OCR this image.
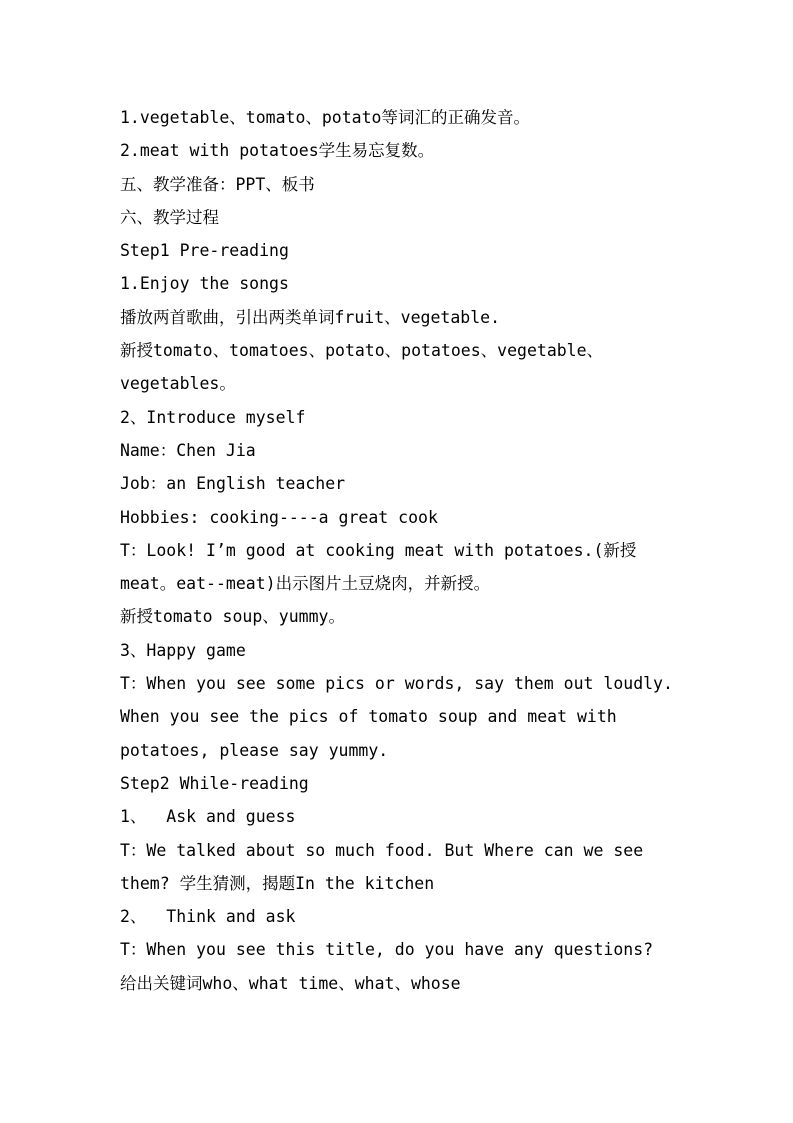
1.vegetable、tomato、potato等词汇的正确发音。
2.meat with potatoes学生易忘复数。
五、教学准备：PPT、板书
六、教学过程
Step1 Pre-reading
1.Enjoy the songs
播放两首歌曲，引出两类单词fruit、vegetable.
新授tomato、tomatoes、potato、potatoes、vegetable、
vegetables。
2、Introduce myself
Name：Chen Jia
Job：an English teacher
Hobbies: cooking----a great cook
T：Look! I’m good at cooking meat with potatoes.(新授
meat。eat--meat)出示图片土豆烧肉，并新授。
新授tomato soup、yummy。
3、Happy game
T：When you see some pics or words, say them out loudly.
When you see the pics of tomato soup and meat with
potatoes, please say yummy.
Step2 While-reading
1、  Ask and guess
T：We talked about so much food. But Where can we see
them? 学生猜测，揭题In the kitchen
2、  Think and ask
T：When you see this title, do you have any questions?
给出关键词who、what time、what、whose
